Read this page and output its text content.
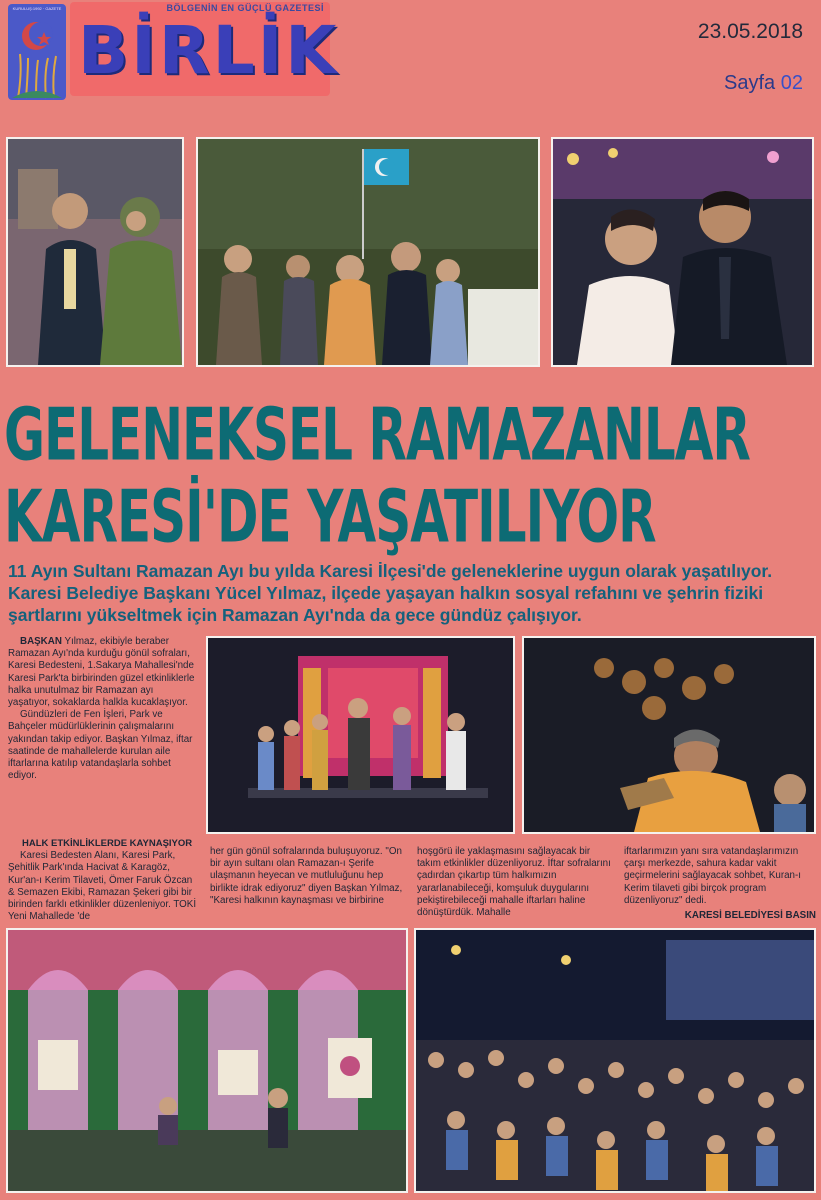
KURULUŞ:1992 · GAZETE	BÖLGENİN EN GÜÇLÜ GAZETESİ
BİRLİK	23.05.2018
Sayfa 02
GELENEKSEL RAMAZANLAR
KARESİ'DE YAŞATILIYOR
11 Ayın Sultanı Ramazan Ayı bu yılda Karesi İlçesi'de geleneklerine uygun olarak yaşatılıyor. Karesi Belediye Başkanı Yücel Yılmaz, ilçede yaşayan halkın sosyal refahını ve şehrin fiziki şartlarını yükseltmek için Ramazan Ayı'nda da gece gündüz çalışıyor.

BAŞKAN Yılmaz, ekibiyle beraber Ramazan Ayı'nda kurduğu gönül sofraları, Karesi Bedesteni, 1.Sakarya Mahallesi'nde Karesi Park'ta birbirinden güzel etkinliklerle halka unutulmaz bir Ramazan ayı yaşatıyor, sokaklarda halkla kucaklaşıyor.

Gündüzleri de Fen İşleri, Park ve Bahçeler müdürlüklerinin çalışmalarını yakından takip ediyor. Başkan Yılmaz, iftar saatinde de mahallelerde kurulan aile iftarlarına katılıp vatandaşlarla sohbet ediyor.

HALK ETKİNLİKLERDE KAYNAŞIYOR

Karesi Bedesten Alanı, Karesi Park, Şehitlik Park'ında Hacivat & Karagöz, Kur'an-ı Kerim Tilaveti, Ömer Faruk Özcan & Semazen Ekibi, Ramazan Şekeri gibi bir birinden farklı etkinlikler düzenleniyor. TOKİ Yeni Mahallede 'de

her gün gönül sofralarında buluşuyoruz. "On bir ayın sultanı olan Ramazan-ı Şerife ulaşmanın heyecan ve mutluluğunu hep birlikte idrak ediyoruz" diyen Başkan Yılmaz, "Karesi halkının kaynaşması ve birbirine

hoşgörü ile yaklaşmasını sağlayacak bir takım etkinlikler düzenliyoruz. İftar sofralarını çadırdan çıkartıp tüm halkımızın yararlanabileceği, komşuluk duygularını pekiştirebileceği mahalle iftarları haline dönüştürdük. Mahalle

iftarlarımızın yanı sıra vatandaşlarımızın çarşı merkezde, sahura kadar vakit geçirmelerini sağlayacak sohbet, Kuran-ı Kerim tilaveti gibi birçok program düzenliyoruz" dedi.

KARESİ BELEDİYESİ BASIN
